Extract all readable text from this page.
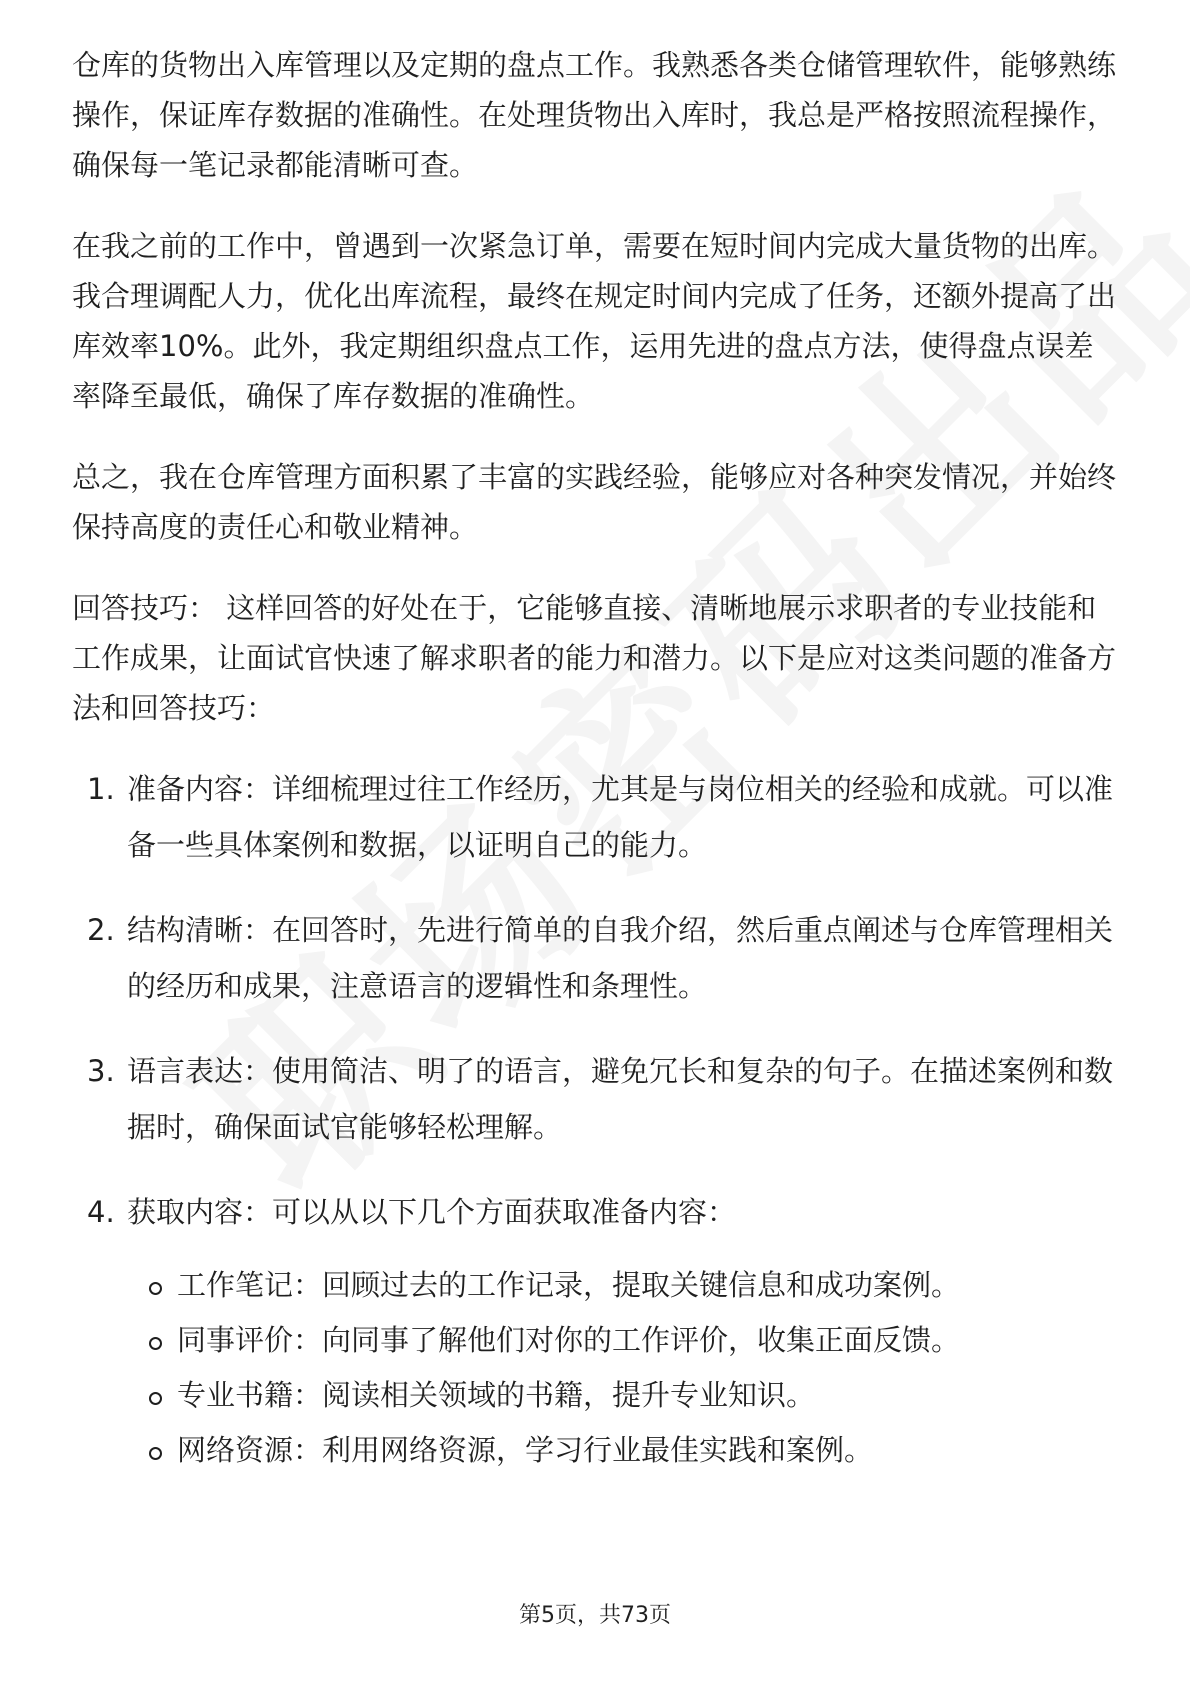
仓库的货物出入库管理以及定期的盘点工作。我熟悉各类仓储管理软件，能够熟练操作，保证库存数据的准确性。在处理货物出入库时，我总是严格按照流程操作，确保每一笔记录都能清晰可查。

在我之前的工作中，曾遇到一次紧急订单，需要在短时间内完成大量货物的出库。我合理调配人力，优化出库流程，最终在规定时间内完成了任务，还额外提高了出库效率10%。此外，我定期组织盘点工作，运用先进的盘点方法，使得盘点误差率降至最低，确保了库存数据的准确性。

总之，我在仓库管理方面积累了丰富的实践经验，能够应对各种突发情况，并始终保持高度的责任心和敬业精神。

回答技巧： 这样回答的好处在于，它能够直接、清晰地展示求职者的专业技能和工作成果，让面试官快速了解求职者的能力和潜力。以下是应对这类问题的准备方法和回答技巧：

1. 准备内容：详细梳理过往工作经历，尤其是与岗位相关的经验和成就。可以准备一些具体案例和数据，以证明自己的能力。
2. 结构清晰：在回答时，先进行简单的自我介绍，然后重点阐述与仓库管理相关的经历和成果，注意语言的逻辑性和条理性。
3. 语言表达：使用简洁、明了的语言，避免冗长和复杂的句子。在描述案例和数据时，确保面试官能够轻松理解。
4. 获取内容：可以从以下几个方面获取准备内容：
工作笔记：回顾过去的工作记录，提取关键信息和成功案例。
同事评价：向同事了解他们对你的工作评价，收集正面反馈。
专业书籍：阅读相关领域的书籍，提升专业知识。
网络资源：利用网络资源，学习行业最佳实践和案例。
第5页，共73页
